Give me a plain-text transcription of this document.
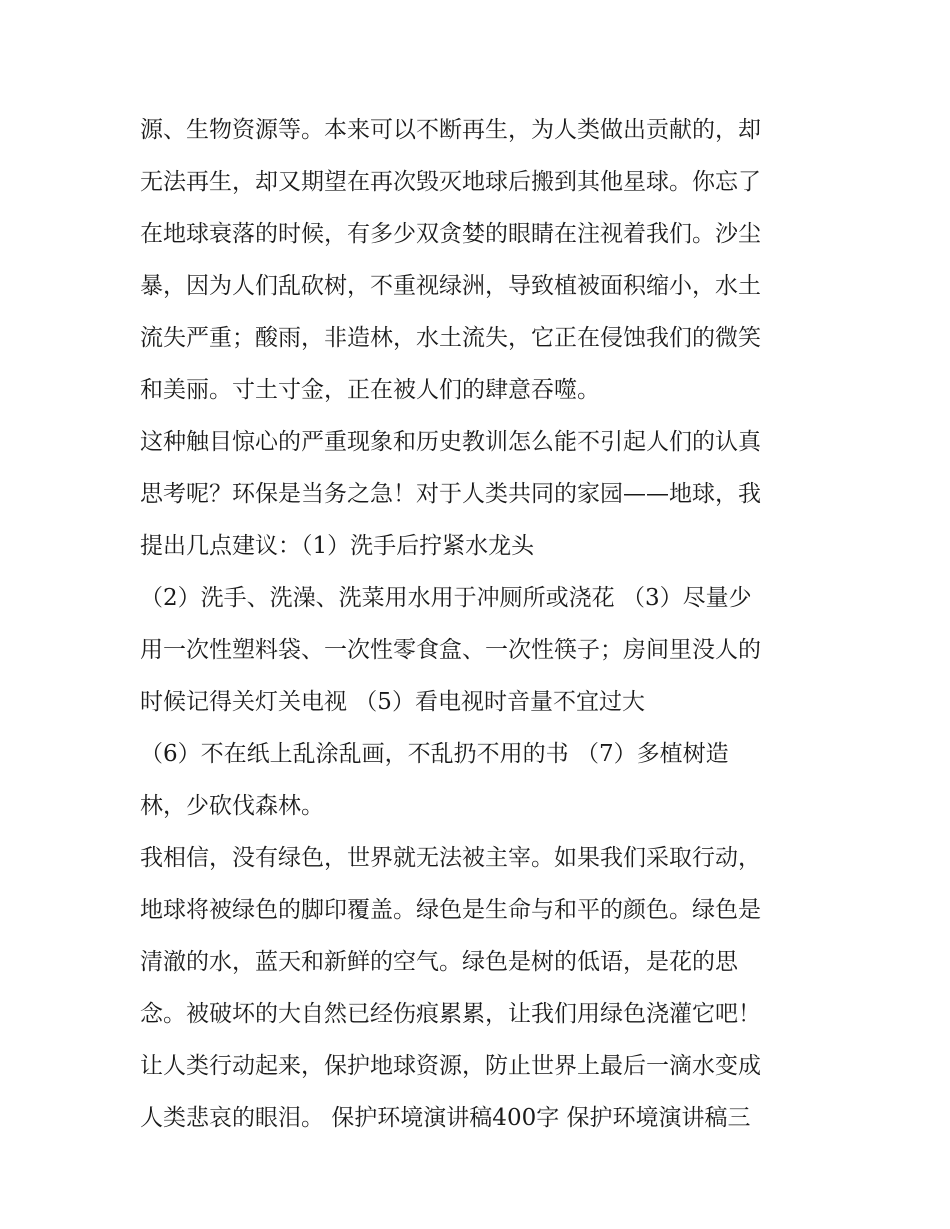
源、生物资源等。本来可以不断再生，为人类做出贡献的，却
无法再生，却又期望在再次毁灭地球后搬到其他星球。你忘了
在地球衰落的时候，有多少双贪婪的眼睛在注视着我们。沙尘
暴，因为人们乱砍树，不重视绿洲，导致植被面积缩小，水土
流失严重；酸雨，非造林，水土流失，它正在侵蚀我们的微笑
和美丽。寸土寸金，正在被人们的肆意吞噬。
这种触目惊心的严重现象和历史教训怎么能不引起人们的认真
思考呢？环保是当务之急！对于人类共同的家园——地球，我
提出几点建议：（1）洗手后拧紧水龙头
（2）洗手、洗澡、洗菜用水用于冲厕所或浇花 （3）尽量少
用一次性塑料袋、一次性零食盒、一次性筷子；房间里没人的
时候记得关灯关电视 （5）看电视时音量不宜过大
（6）不在纸上乱涂乱画，不乱扔不用的书 （7）多植树造
林，少砍伐森林。
我相信，没有绿色，世界就无法被主宰。如果我们采取行动，
地球将被绿色的脚印覆盖。绿色是生命与和平的颜色。绿色是
清澈的水，蓝天和新鲜的空气。绿色是树的低语，是花的思
念。被破坏的大自然已经伤痕累累，让我们用绿色浇灌它吧！
让人类行动起来，保护地球资源，防止世界上最后一滴水变成
人类悲哀的眼泪。 保护环境演讲稿400字 保护环境演讲稿三
